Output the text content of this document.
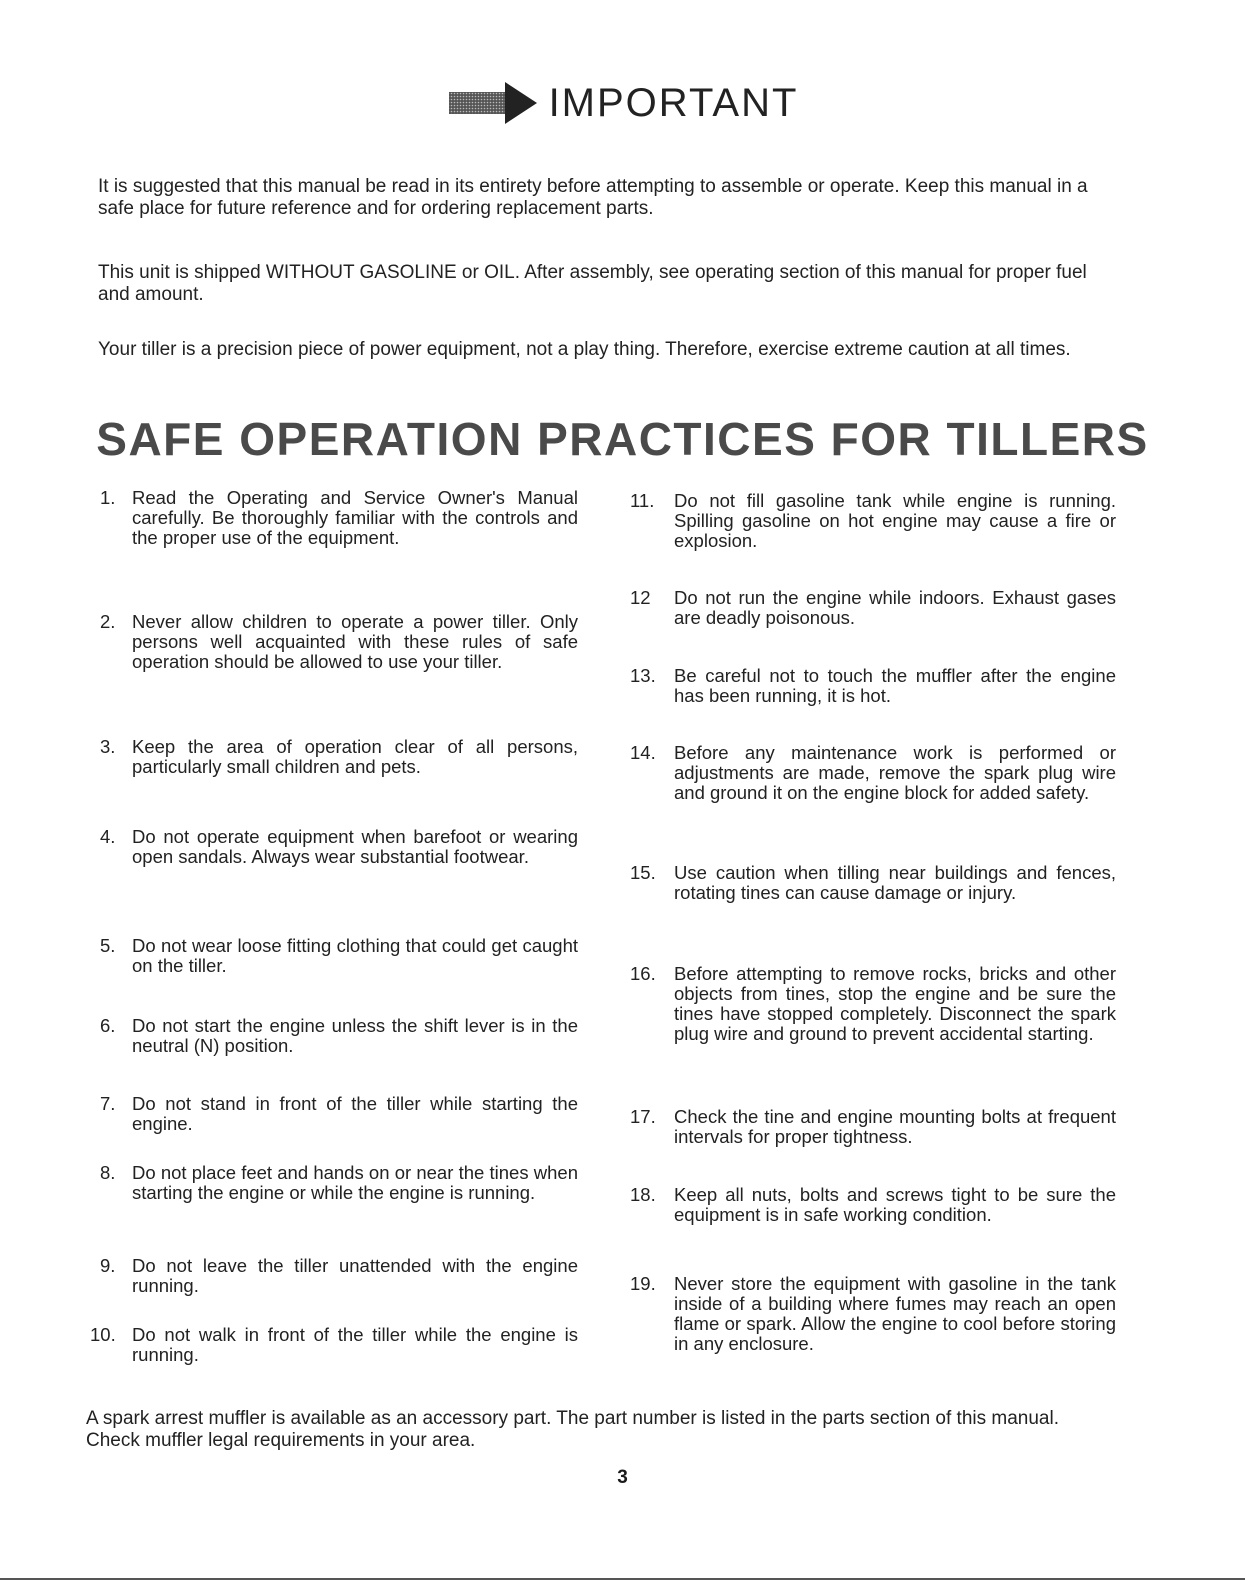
IMPORTANT

It is suggested that this manual be read in its entirety before attempting to assemble or operate. Keep this manual in a safe place for future reference and for ordering replacement parts.

This unit is shipped WITHOUT GASOLINE or OIL. After assembly, see operating section of this manual for proper fuel and amount.

Your tiller is a precision piece of power equipment, not a play thing. Therefore, exercise extreme caution at all times.

SAFE OPERATION PRACTICES FOR TILLERS
1. Read the Operating and Service Owner's Manual carefully. Be thoroughly familiar with the controls and the proper use of the equipment.
2. Never allow children to operate a power tiller. Only persons well acquainted with these rules of safe operation should be allowed to use your tiller.
3. Keep the area of operation clear of all persons, particularly small children and pets.
4. Do not operate equipment when barefoot or wearing open sandals. Always wear substantial footwear.
5. Do not wear loose fitting clothing that could get caught on the tiller.
6. Do not start the engine unless the shift lever is in the neutral (N) position.
7. Do not stand in front of the tiller while starting the engine.
8. Do not place feet and hands on or near the tines when starting the engine or while the engine is running.
9. Do not leave the tiller unattended with the engine running.
10. Do not walk in front of the tiller while the engine is running.
11. Do not fill gasoline tank while engine is running. Spilling gasoline on hot engine may cause a fire or explosion.
12 Do not run the engine while indoors. Exhaust gases are deadly poisonous.
13. Be careful not to touch the muffler after the engine has been running, it is hot.
14. Before any maintenance work is performed or adjustments are made, remove the spark plug wire and ground it on the engine block for added safety.
15. Use caution when tilling near buildings and fences, rotating tines can cause damage or injury.
16. Before attempting to remove rocks, bricks and other objects from tines, stop the engine and be sure the tines have stopped completely. Disconnect the spark plug wire and ground to prevent accidental starting.
17. Check the tine and engine mounting bolts at frequent intervals for proper tightness.
18. Keep all nuts, bolts and screws tight to be sure the equipment is in safe working condition.
19. Never store the equipment with gasoline in the tank inside of a building where fumes may reach an open flame or spark. Allow the engine to cool before storing in any enclosure.
A spark arrest muffler is available as an accessory part. The part number is listed in the parts section of this manual. Check muffler legal requirements in your area.
3
